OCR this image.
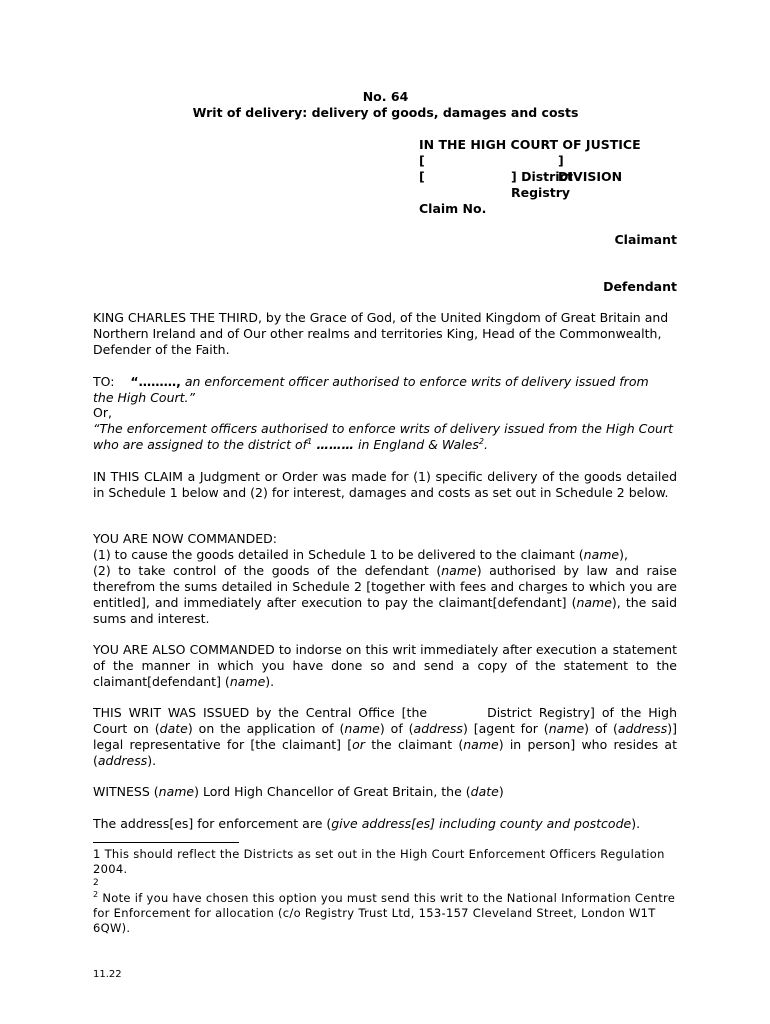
No. 64
Writ of delivery: delivery of goods, damages and costs
IN THE HIGH COURT OF JUSTICE
[	] DIVISION
[	] District Registry
Claim No.
Claimant
Defendant

KING CHARLES THE THIRD, by the Grace of God, of the United Kingdom of Great Britain and Northern Ireland and of Our other realms and territories King, Head of the Commonwealth, Defender of the Faith.

TO: “………, an enforcement officer authorised to enforce writs of delivery issued from the High Court.”

Or,

“The enforcement officers authorised to enforce writs of delivery issued from the High Court who are assigned to the district $of^1$ ……… in England & Wales$^2$.

IN THIS CLAIM a Judgment or Order was made for (1) specific delivery of the goods detailed in Schedule 1 below and (2) for interest, damages and costs as set out in Schedule 2 below.

YOU ARE NOW COMMANDED:

(1) to cause the goods detailed in Schedule 1 to be delivered to the claimant (name),

(2) to take control of the goods of the defendant (name) authorised by law and raise therefrom the sums detailed in Schedule 2 [together with fees and charges to which you are entitled], and immediately after execution to pay the claimant[defendant] (name), the said sums and interest.

YOU ARE ALSO COMMANDED to indorse on this writ immediately after execution a statement of the manner in which you have done so and send a copy of the statement to the claimant[defendant] (name).

THIS WRIT WAS ISSUED by the Central Office [the	District Registry] of the High Court on (date) on the application of (name) of (address) [agent for (name) of (address)] legal representative for [the claimant] [or the claimant (name) in person] who resides at (address).

WITNESS (name) Lord High Chancellor of Great Britain, the (date)

The address[es] for enforcement are (give address[es] including county and postcode).

1 This should reflect the Districts as set out in the High Court Enforcement Officers Regulation 2004.

2

$^2$ Note if you have chosen this option you must send this writ to the National Information Centre for Enforcement for allocation (c/o Registry Trust Ltd, 153-157 Cleveland Street, London W1T 6QW).

11.22
